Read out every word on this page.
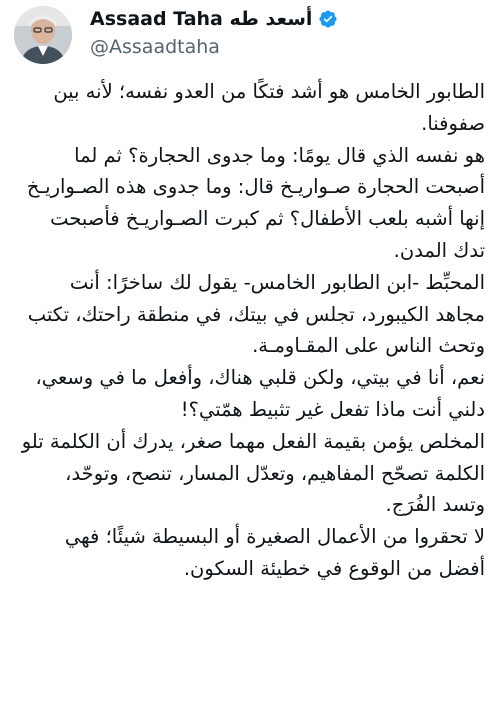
Assaad Taha أسعد طه
@Assaadtaha

الطابور الخامس هو أشد فتكًا من العدو نفسه؛ لأنه بين صفوفنا.

هو نفسه الذي قال يومًا: وما جدوى الحجارة؟ ثم لما أصبحت الحجارة صـواريـخ قال: وما جدوى هذه الصـواريـخ إنها أشبه بلعب الأطفال؟ ثم كبرت الصـواريـخ فأصبحت تدك المدن.

المحبِّط -ابن الطابور الخامس- يقول لك ساخرًا: أنت مجاهد الكيبورد، تجلس في بيتك، في منطقة راحتك، تكتب وتحث الناس على المقـاومـة.

نعم، أنا في بيتي، ولكن قلبي هناك، وأفعل ما في وسعي، دلني أنت ماذا تفعل غير تثبيط همّتي؟!

المخلص يؤمن بقيمة الفعل مهما صغر، يدرك أن الكلمة تلو الكلمة تصحّح المفاهيم، وتعدّل المسار، تنصح، وتوحّد، وتسد الفُرَج.

لا تحقروا من الأعمال الصغيرة أو البسيطة شيئًا؛ فهي أفضل من الوقوع في خطيئة السكون.
